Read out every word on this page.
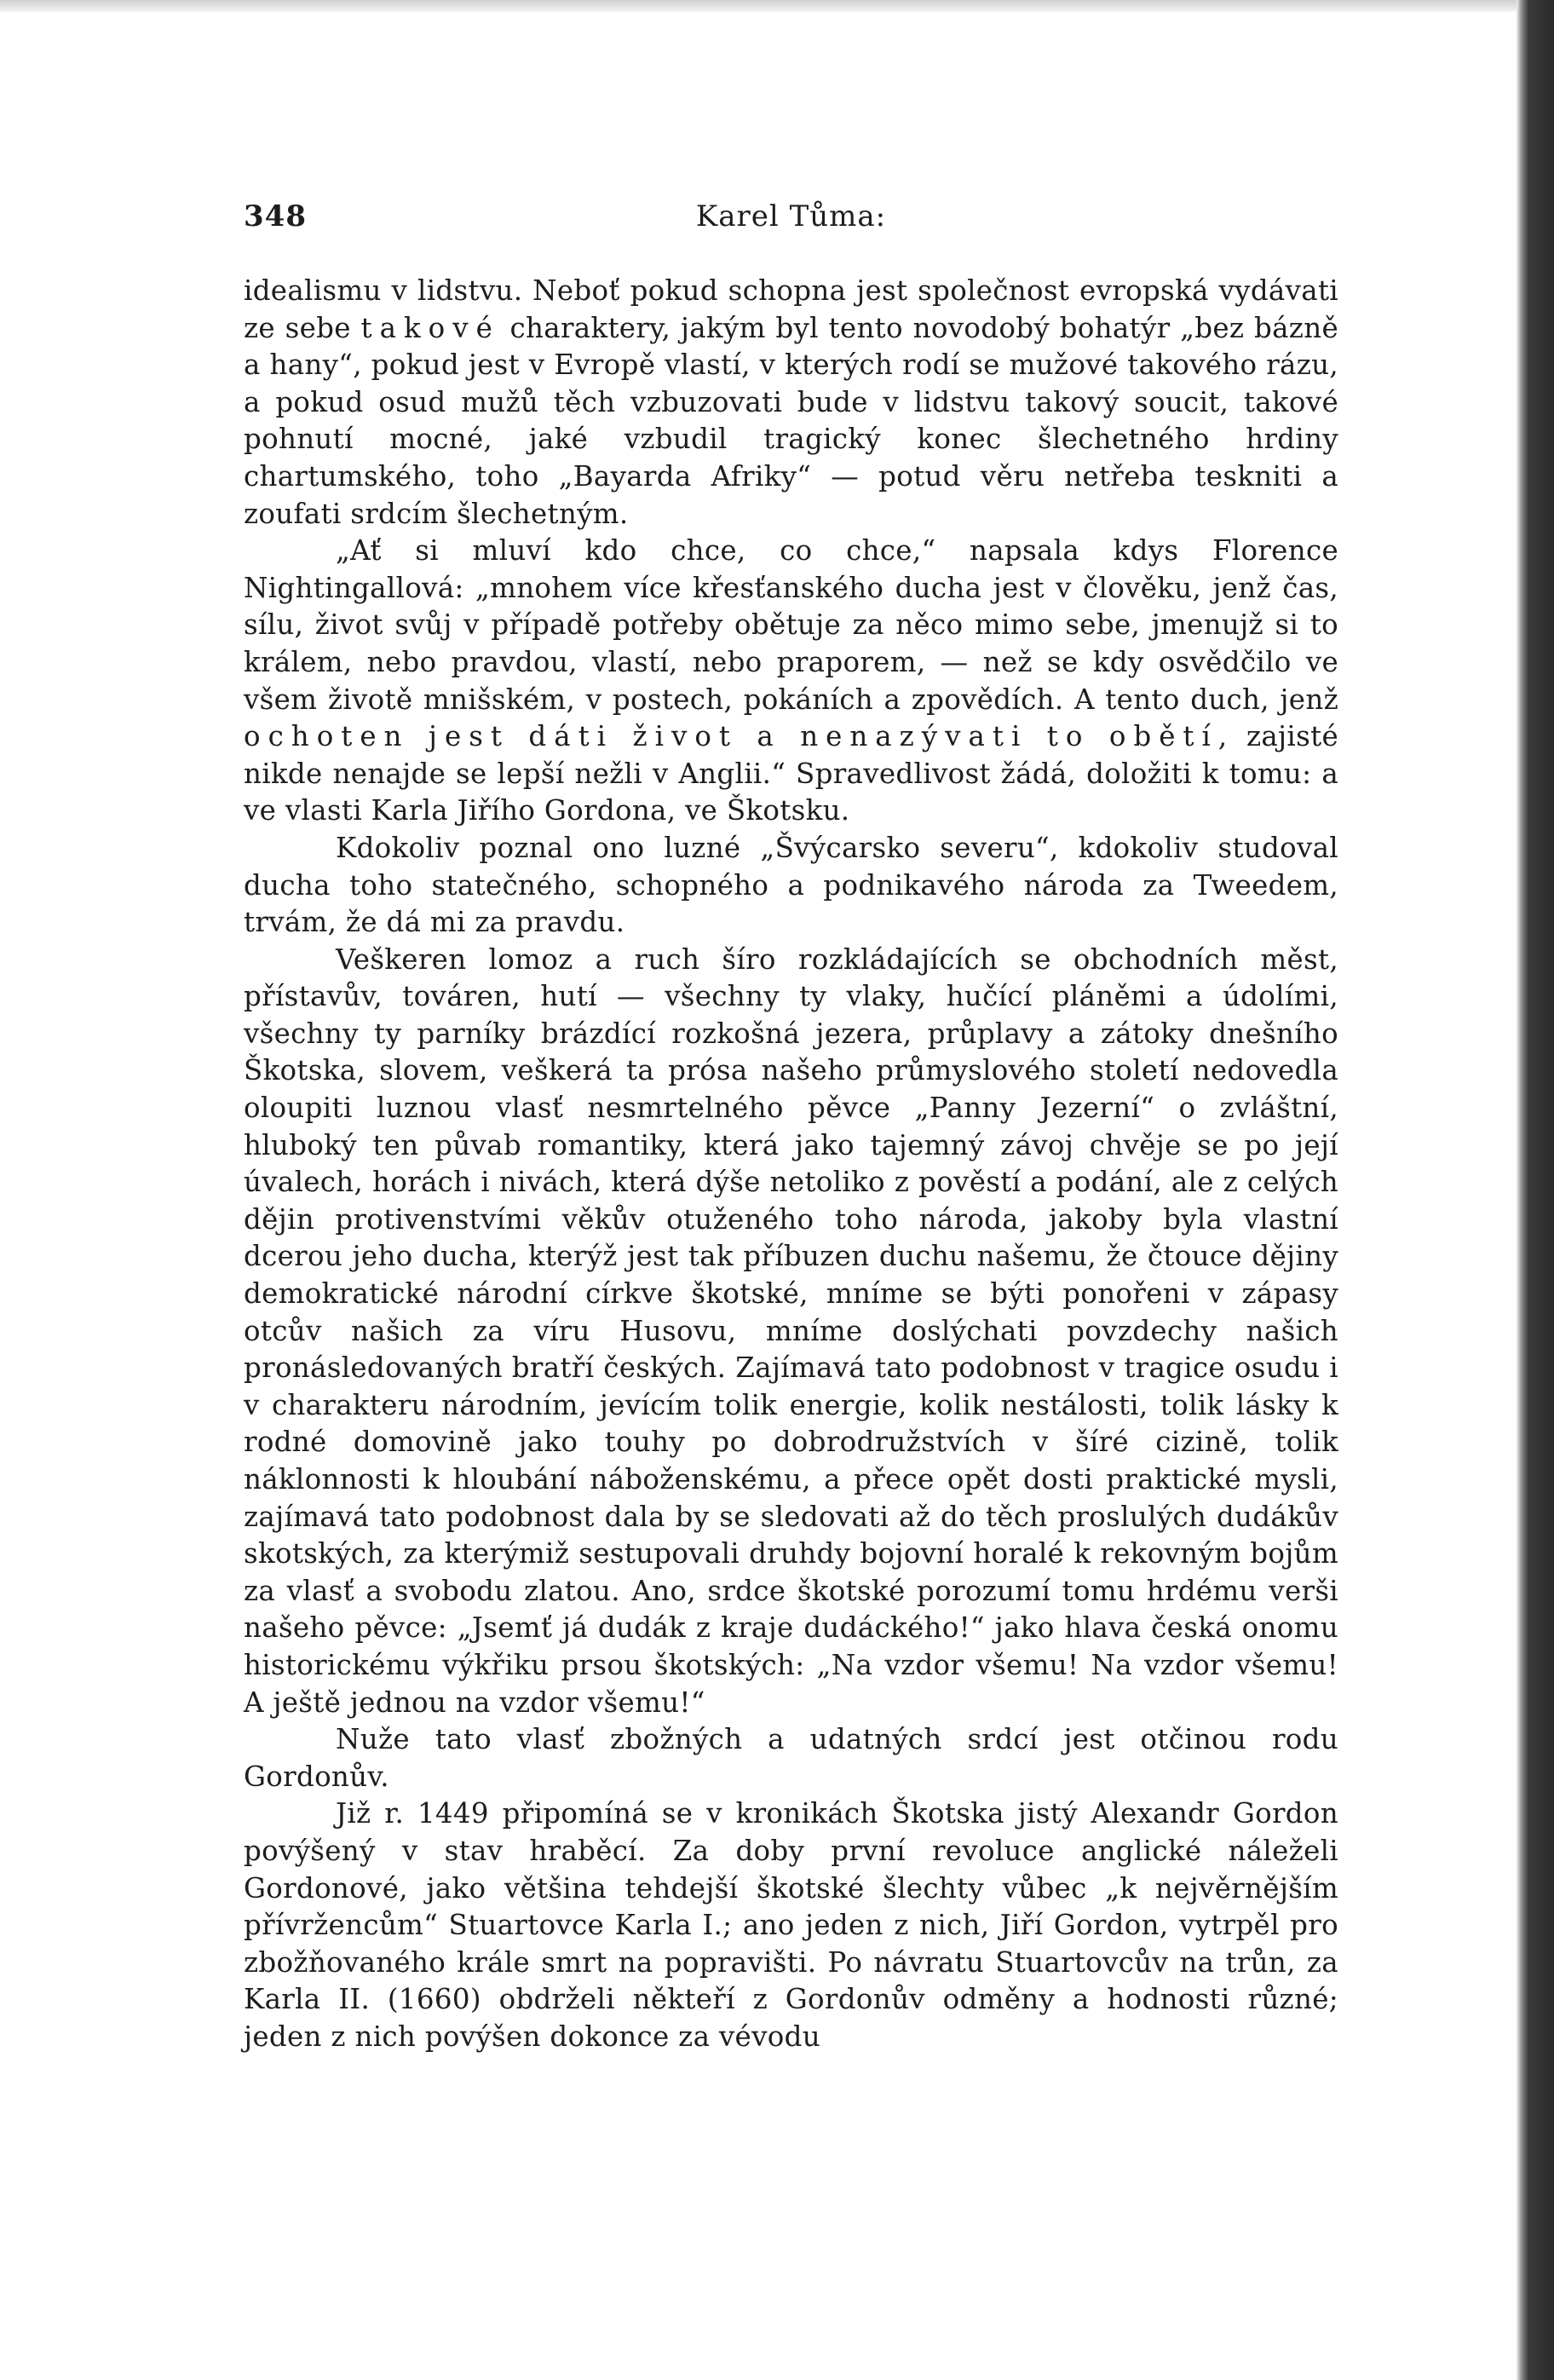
348	Karel Tůma:

idealismu v lidstvu. Neboť pokud schopna jest společnost evropská vydávati ze sebe takové charaktery, jakým byl tento novodobý bohatýr „bez bázně a hany“, pokud jest v Evropě vlastí, v kterých rodí se mužové takového rázu, a pokud osud mužů těch vzbuzovati bude v lidstvu takový soucit, takové pohnutí mocné, jaké vzbudil tragický konec šlechetného hrdiny chartumského, toho „Bayarda Afriky“ — potud věru netřeba teskniti a zoufati srdcím šlechetným.

„Ať si mluví kdo chce, co chce,“ napsala kdys Florence Nightingallová: „mnohem více křesťanského ducha jest v člověku, jenž čas, sílu, život svůj v případě potřeby obětuje za něco mimo sebe, jmenujž si to králem, nebo pravdou, vlastí, nebo praporem, — než se kdy osvědčilo ve všem životě mnišském, v postech, pokáních a zpovědích. A tento duch, jenž ochoten jest dáti život a nenazývati to obětí, zajisté nikde nenajde se lepší nežli v Anglii.“ Spravedlivost žádá, doložiti k tomu: a ve vlasti Karla Jiřího Gordona, ve Škotsku.

Kdokoliv poznal ono luzné „Švýcarsko severu“, kdokoliv studoval ducha toho statečného, schopného a podnikavého národa za Tweedem, trvám, že dá mi za pravdu.

Veškeren lomoz a ruch šíro rozkládajících se obchodních měst, přístavův, továren, hutí — všechny ty vlaky, hučící pláněmi a údolími, všechny ty parníky brázdící rozkošná jezera, průplavy a zátoky dnešního Škotska, slovem, veškerá ta prósa našeho průmyslového století nedovedla oloupiti luznou vlasť nesmrtelného pěvce „Panny Jezerní“ o zvláštní, hluboký ten půvab romantiky, která jako tajemný závoj chvěje se po její úvalech, horách i nivách, která dýše netoliko z pověstí a podání, ale z celých dějin protivenstvími věkův otuženého toho národa, jakoby byla vlastní dcerou jeho ducha, kterýž jest tak příbuzen duchu našemu, že čtouce dějiny demokratické národní církve škotské, mníme se býti ponořeni v zápasy otcův našich za víru Husovu, mníme doslýchati povzdechy našich pronásledovaných bratří českých. Zajímavá tato podobnost v tragice osudu i v charakteru národním, jevícím tolik energie, kolik nestálosti, tolik lásky k rodné domovině jako touhy po dobrodružstvích v šíré cizině, tolik náklonnosti k hloubání náboženskému, a přece opět dosti praktické mysli, zajímavá tato podobnost dala by se sledovati až do těch proslulých dudákův skotských, za kterýmiž sestupovali druhdy bojovní horalé k rekovným bojům za vlasť a svobodu zlatou. Ano, srdce škotské porozumí tomu hrdému verši našeho pěvce: „Jsemť já dudák z kraje dudáckého!“ jako hlava česká onomu historickému výkřiku prsou škotských: „Na vzdor všemu! Na vzdor všemu! A ještě jednou na vzdor všemu!“

Nuže tato vlasť zbožných a udatných srdcí jest otčinou rodu Gordonův.

Již r. 1449 připomíná se v kronikách Škotska jistý Alexandr Gordon povýšený v stav hraběcí. Za doby první revoluce anglické náleželi Gordonové, jako většina tehdejší škotské šlechty vůbec „k nejvěrnějším přívržencům“ Stuartovce Karla I.; ano jeden z nich, Jiří Gordon, vytrpěl pro zbožňovaného krále smrt na popravišti. Po návratu Stuartovcův na trůn, za Karla II. (1660) obdrželi někteří z Gordonův odměny a hodnosti různé; jeden z nich povýšen dokonce za vévodu
